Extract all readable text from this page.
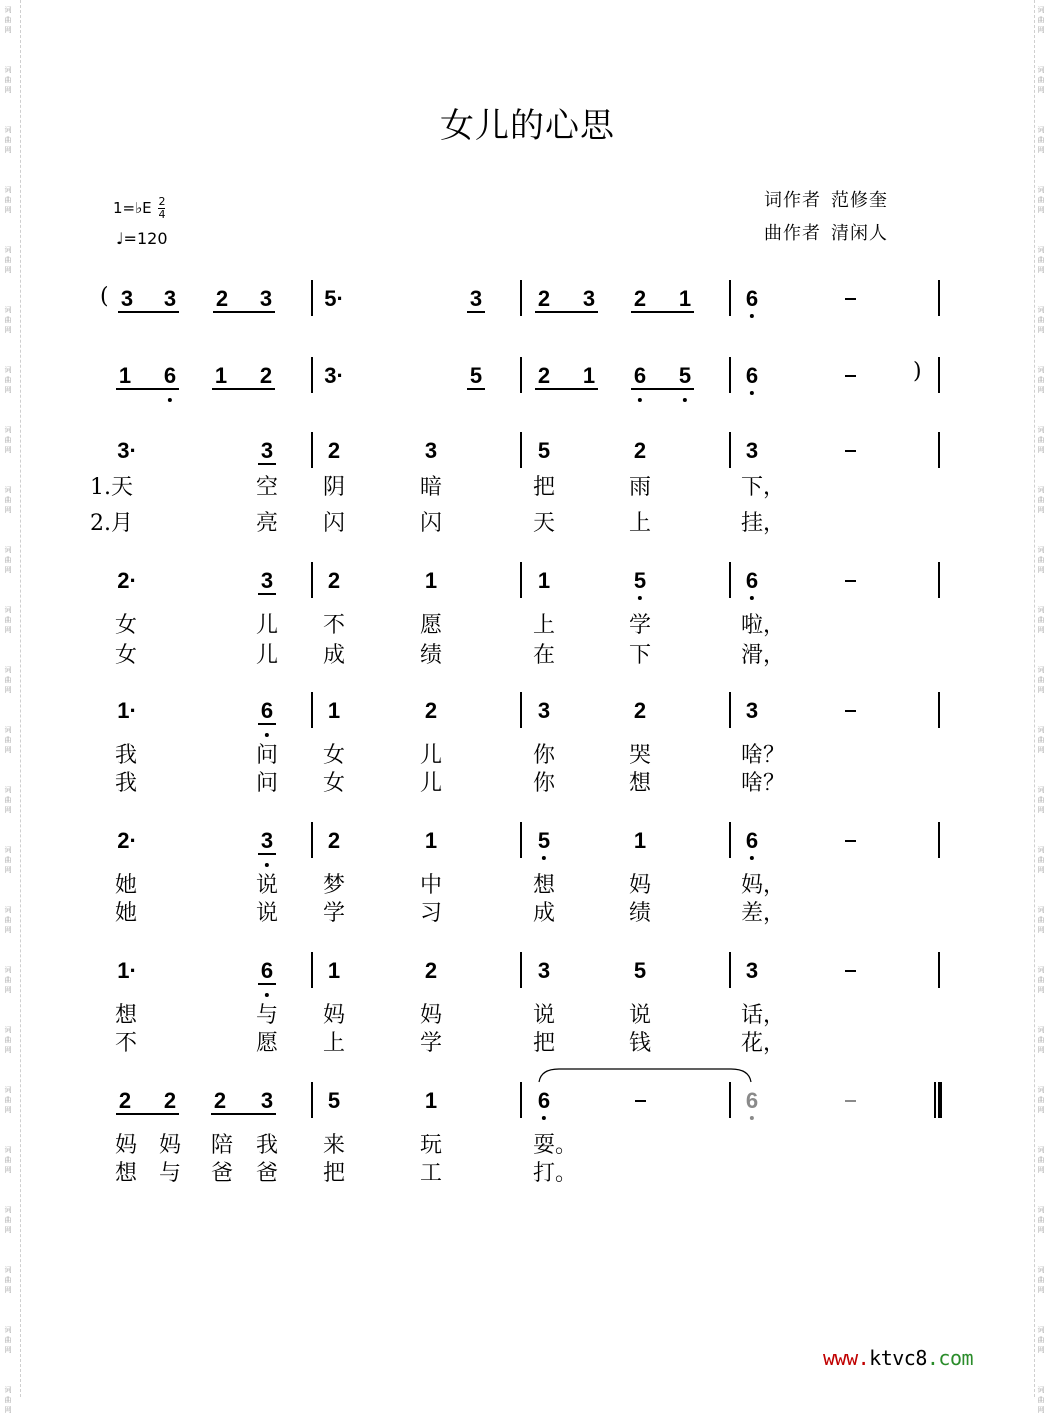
女儿的心思
1=♭E $\frac{2}{4}$
♩=120
词作者 范修奎
曲作者 清闲人
3 3 2 3 5·	3	2 3 2 1 6
1 6 1 2 3·	5	2 1 6 5 6
3·	3 2	3	5	2	3
1.天	空 阴	暗	把	雨	下，
2.月	亮 闪	闪	天	上	挂，
2·	3 2	1	1	5	6
女	儿 不	愿	上	学	啦，
女	儿 成	绩	在	下	滑，
1·	6 1	2	3	2	3
我	问 女	儿	你	哭	啥？
我	问 女	儿	你	想	啥？
2·	3 2	1	5	1	6
她	说 梦	中	想	妈	妈，
她	说 学	习	成	绩	差，
1·	6 1	2	3	5	3
想	与 妈	妈	说	说	话，
不	愿 上	学	把	钱	花，
2 2 2 3 5	1	6	6
妈 妈 陪 我 来	玩	耍。
想 与 爸 爸 把	工	打。
(
)
www.ktvc8.com
词
曲
网
词
曲
网
词
曲
网
词
曲
网
词
曲
网
词
曲
网
词
曲
网
词
曲
网
词
曲
网
词
曲
网
词
曲
网
词
曲
网
词
曲
网
词
曲
网
词
曲
网
词
曲
网
词
曲
网
词
曲
网
词
曲
网
词
曲
网
词
曲
网
词
曲
网
词
曲
网
词
曲
网
词
曲
网
词
曲
网
词
曲
网
词
曲
网
词
曲
网
词
曲
网
词
曲
网
词
曲
网
词
曲
网
词
曲
网
词
曲
网
词
曲
网
词
曲
网
词
曲
网
词
曲
网
词
曲
网
词
曲
网
词
曲
网
词
曲
网
词
曲
网
词
曲
网
词
曲
网
词
曲
网
词
曲
网
